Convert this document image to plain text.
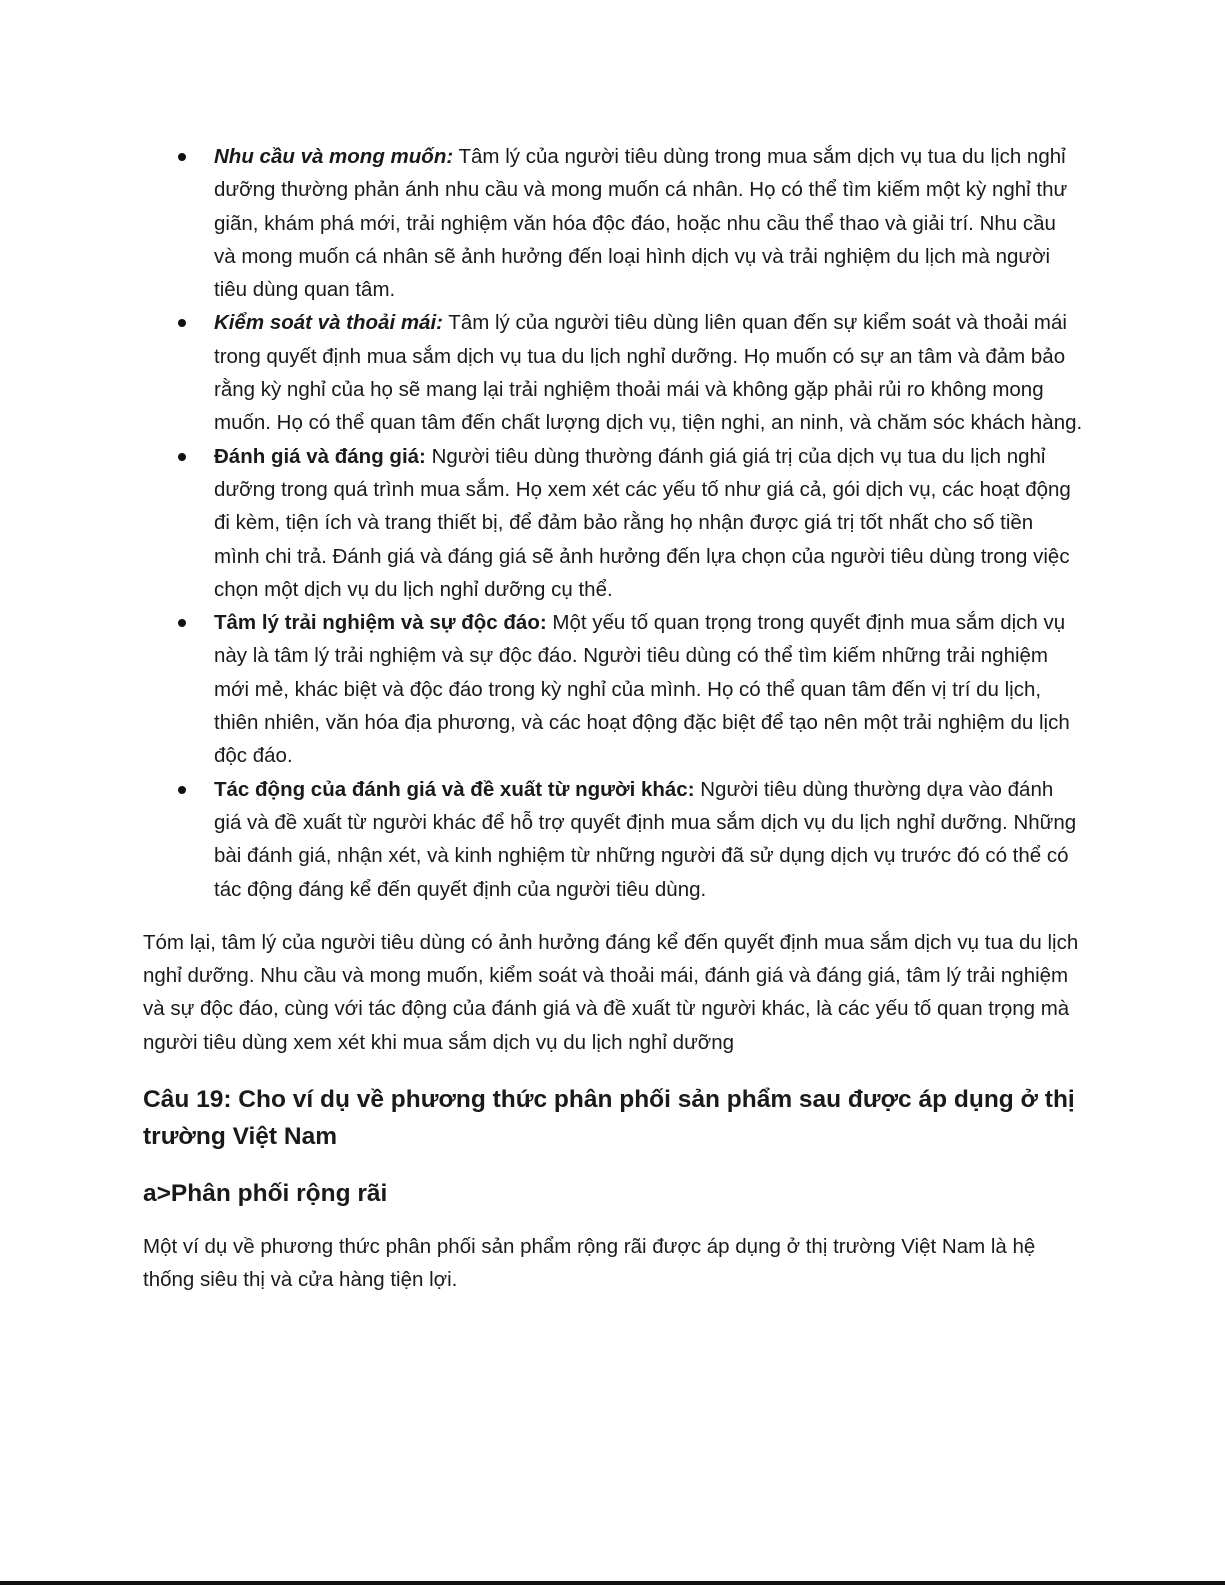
Nhu cầu và mong muốn: Tâm lý của người tiêu dùng trong mua sắm dịch vụ tua du lịch nghỉ dưỡng thường phản ánh nhu cầu và mong muốn cá nhân. Họ có thể tìm kiếm một kỳ nghỉ thư giãn, khám phá mới, trải nghiệm văn hóa độc đáo, hoặc nhu cầu thể thao và giải trí. Nhu cầu và mong muốn cá nhân sẽ ảnh hưởng đến loại hình dịch vụ và trải nghiệm du lịch mà người tiêu dùng quan tâm.
Kiểm soát và thoải mái: Tâm lý của người tiêu dùng liên quan đến sự kiểm soát và thoải mái trong quyết định mua sắm dịch vụ tua du lịch nghỉ dưỡng. Họ muốn có sự an tâm và đảm bảo rằng kỳ nghỉ của họ sẽ mang lại trải nghiệm thoải mái và không gặp phải rủi ro không mong muốn. Họ có thể quan tâm đến chất lượng dịch vụ, tiện nghi, an ninh, và chăm sóc khách hàng.
Đánh giá và đáng giá: Người tiêu dùng thường đánh giá giá trị của dịch vụ tua du lịch nghỉ dưỡng trong quá trình mua sắm. Họ xem xét các yếu tố như giá cả, gói dịch vụ, các hoạt động đi kèm, tiện ích và trang thiết bị, để đảm bảo rằng họ nhận được giá trị tốt nhất cho số tiền mình chi trả. Đánh giá và đáng giá sẽ ảnh hưởng đến lựa chọn của người tiêu dùng trong việc chọn một dịch vụ du lịch nghỉ dưỡng cụ thể.
Tâm lý trải nghiệm và sự độc đáo: Một yếu tố quan trọng trong quyết định mua sắm dịch vụ này là tâm lý trải nghiệm và sự độc đáo. Người tiêu dùng có thể tìm kiếm những trải nghiệm mới mẻ, khác biệt và độc đáo trong kỳ nghỉ của mình. Họ có thể quan tâm đến vị trí du lịch, thiên nhiên, văn hóa địa phương, và các hoạt động đặc biệt để tạo nên một trải nghiệm du lịch độc đáo.
Tác động của đánh giá và đề xuất từ người khác: Người tiêu dùng thường dựa vào đánh giá và đề xuất từ người khác để hỗ trợ quyết định mua sắm dịch vụ du lịch nghỉ dưỡng. Những bài đánh giá, nhận xét, và kinh nghiệm từ những người đã sử dụng dịch vụ trước đó có thể có tác động đáng kể đến quyết định của người tiêu dùng.

Tóm lại, tâm lý của người tiêu dùng có ảnh hưởng đáng kể đến quyết định mua sắm dịch vụ tua du lịch nghỉ dưỡng. Nhu cầu và mong muốn, kiểm soát và thoải mái, đánh giá và đáng giá, tâm lý trải nghiệm và sự độc đáo, cùng với tác động của đánh giá và đề xuất từ người khác, là các yếu tố quan trọng mà người tiêu dùng xem xét khi mua sắm dịch vụ du lịch nghỉ dưỡng

Câu 19: Cho ví dụ về phương thức phân phối sản phẩm sau được áp dụng ở thị trường Việt Nam
a>Phân phối rộng rãi

Một ví dụ về phương thức phân phối sản phẩm rộng rãi được áp dụng ở thị trường Việt Nam là hệ thống siêu thị và cửa hàng tiện lợi.
